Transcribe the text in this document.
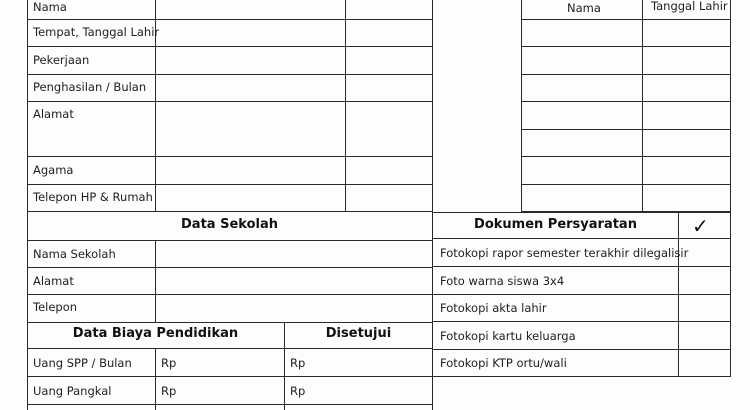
Nama
Tempat, Tanggal Lahir
Pekerjaan
Penghasilan / Bulan
Alamat
Agama
Telepon HP & Rumah
Nama	Tanggal Lahir
Data Sekolah
Nama Sekolah
Alamat
Telepon
Data Biaya Pendidikan	Disetujui
Uang SPP / Bulan	Rp	Rp
Uang Pangkal	Rp	Rp
Dokumen Persyaratan	✓
Fotokopi rapor semester terakhir dilegalisir
Foto warna siswa 3x4
Fotokopi akta lahir
Fotokopi kartu keluarga
Fotokopi KTP ortu/wali
